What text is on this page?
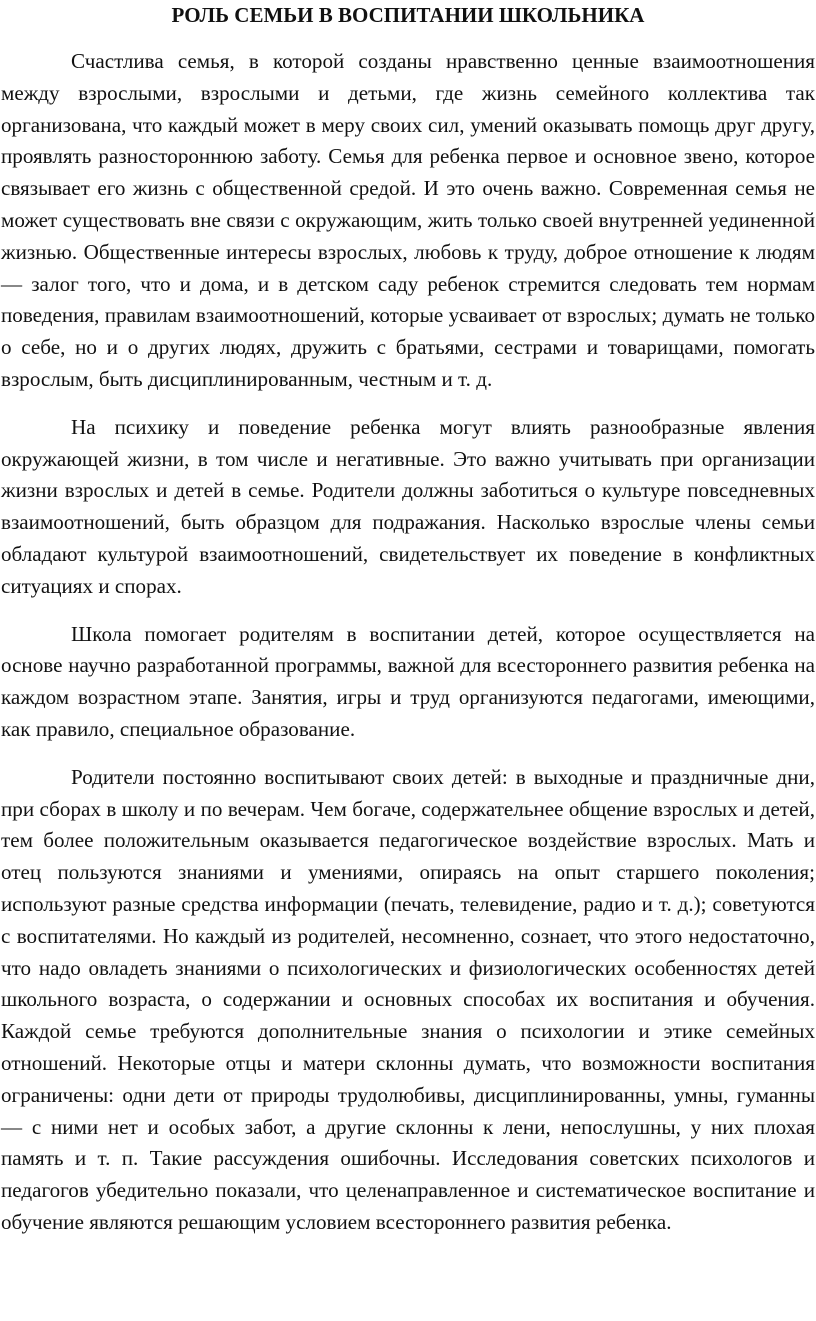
РОЛЬ СЕМЬИ В ВОСПИТАНИИ ШКОЛЬНИКА

Счастлива семья, в которой созданы нравственно ценные взаимоотношения между взрослыми, взрослыми и детьми, где жизнь семейного коллектива так организована, что каждый может в меру своих сил, умений оказывать помощь друг другу, проявлять разностороннюю заботу. Семья для ребенка первое и основное звено, которое связывает его жизнь с общественной средой. И это очень важно. Современная семья не может существовать вне связи с окружающим, жить только своей внутренней уединенной жизнью. Общественные интересы взрослых, любовь к труду, доброе отношение к людям — залог того, что и дома, и в детском саду ребенок стремится следовать тем нормам поведения, правилам взаимоотношений, которые усваивает от взрослых; думать не только о себе, но и о других людях, дружить с братьями, сестрами и товарищами, помогать взрослым, быть дисциплинированным, честным и т. д.

На психику и поведение ребенка могут влиять разнообразные явления окружающей жизни, в том числе и негативные. Это важно учитывать при организации жизни взрослых и детей в семье. Родители должны заботиться о культуре повседневных взаимоотношений, быть образцом для подражания. Насколько взрослые члены семьи обладают культурой взаимоотношений, свидетельствует их поведение в конфликтных ситуациях и спорах.

Школа помогает родителям в воспитании детей, которое осуществляется на основе научно разработанной программы, важной для всестороннего развития ребенка на каждом возрастном этапе. Занятия, игры и труд организуются педагогами, имеющими, как правило, специальное образование.

Родители постоянно воспитывают своих детей: в выходные и праздничные дни, при сборах в школу и по вечерам. Чем богаче, содержательнее общение взрослых и детей, тем более положительным оказывается педагогическое воздействие взрослых. Мать и отец пользуются знаниями и умениями, опираясь на опыт старшего поколения; используют разные средства информации (печать, телевидение, радио и т. д.); советуются с воспитателями. Но каждый из родителей, несомненно, сознает, что этого недостаточно, что надо овладеть знаниями о психологических и физиологических особенностях детей школьного возраста, о содержании и основных способах их воспитания и обучения. Каждой семье требуются дополнительные знания о психологии и этике семейных отношений. Некоторые отцы и матери склонны думать, что возможности воспитания ограничены: одни дети от природы трудолюбивы, дисциплинированны, умны, гуманны — с ними нет и особых забот, а другие склонны к лени, непослушны, у них плохая память и т. п. Такие рассуждения ошибочны. Исследования советских психологов и педагогов убедительно показали, что целенаправленное и систематическое воспитание и обучение являются решающим условием всестороннего развития ребенка.
